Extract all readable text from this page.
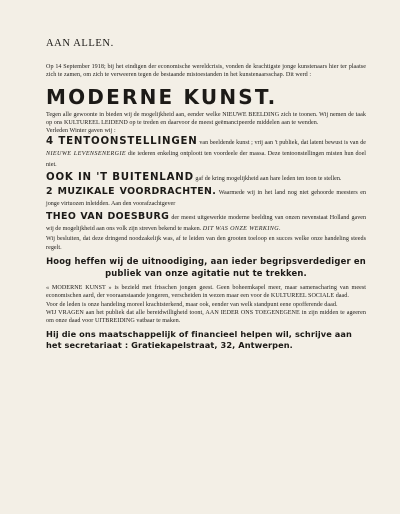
AAN ALLEN.

Op 14 September 1918; bij het eindigen der economische wereldcrisis, vonden de krachtigste jonge kunstenaars hier ter plaatse zich te zamen, om zich te verweeren tegen de bestaande mistoestanden in het kunstenaarsschap. Dit werd :

MODERNE KUNST.

Tegen alle gewoonte in bieden wij de mogelijkheid aan, eender welke NIEUWE BEELDING zich te toonen. Wij nemen de taak op ons KULTUREEL LEIDEND op te treden en daarvoor de meest geëmancipeerde middelen aan te wenden.

Verleden Winter gaven wij :

4 TENTOONSTELLINGEN van beeldende kunst ; vrij aan 't publiek, dat latent bewust is van de NIEUWE LEVENSENERGIE die iederen enkeling ontploott ten voordeele der massa. Deze tentoonstellingen misten hun doel niet.
OOK IN 'T BUITENLAND gaf de kring mogelijkheid aan hare leden ten toon te stellen.
2 MUZIKALE VOORDRACHTEN. Waarmede wij in het land nog niet gehoorde meesters en jonge virtuozen inleidden. Aan den voorafzachtgever
THEO VAN DOESBURG der meest uitgewerkte moderne beelding van onzen nevenstaat Holland gaven wij de mogelijkheid aan ons volk zijn streven bekend te maken. DIT WAS ONZE WERKING.

Wij besluiten, dat deze dringend noodzakelijk was, af te leiden van den grooten toeloop en succes welke onze handeling steeds regelt.

Hoog heffen wij de uitnoodiging, aan ieder begripsverdediger en
publiek van onze agitatie nut te trekken.

« MODERNE KUNST » is bezield met frisschen jongen geest. Geen boheemkapel meer, maar samenscharing van meest economischen aard, der vooraanstaande jongeren, verscheiden in wezen maar een voor de KULTUREEL SOCIALE daad.

Voor de leden is onze handeling moreel krachtsterkend, maar ook, eender van welk standpunt eene opofferende daad.

WIJ VRAGEN aan het publiek dat alle bereidwilligheid toont, AAN IEDER ONS TOEGENEGENE in zijn midden te ageeren om onze daad voor UITBREIDING vatbaar te maken.

Hij die ons maatschappelijk of financieel helpen wil, schrijve aan het secretariaat : Gratiekapelstraat, 32, Antwerpen.
